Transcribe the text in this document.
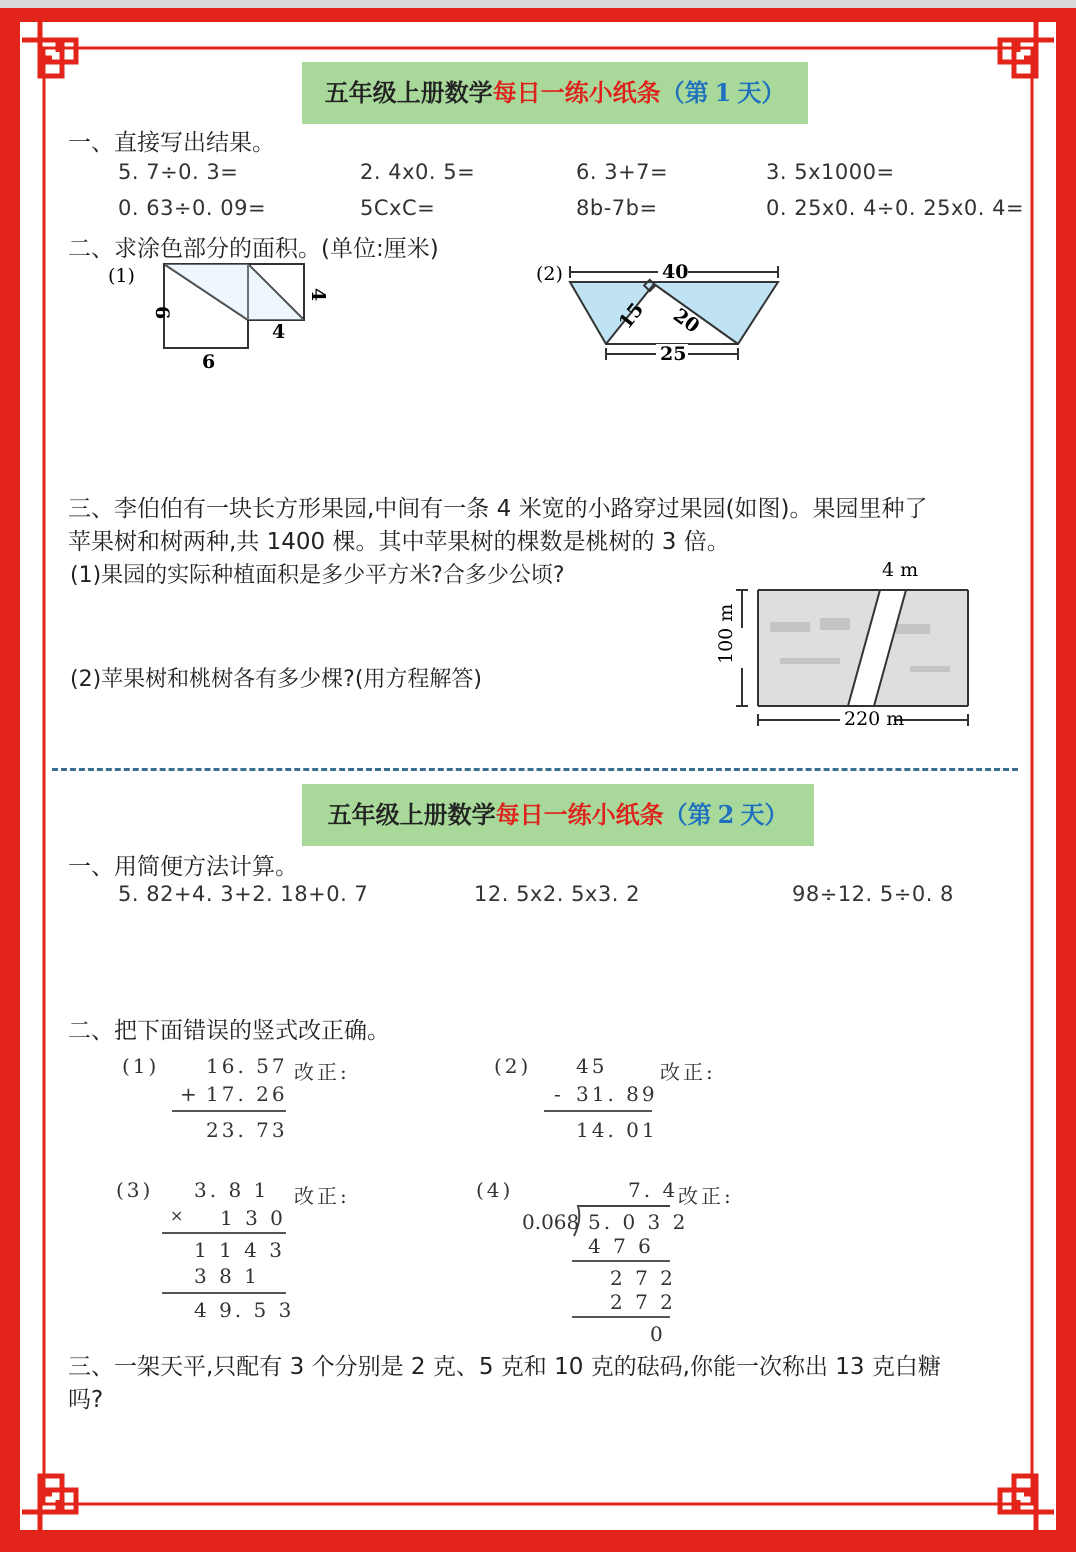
五年级上册数学每日一练小纸条（第 1 天）
一、直接写出结果。
5. 7÷0. 3=	2. 4x0. 5=	6. 3+7=	3. 5x1000=
0. 63÷0. 09=	5CxC=	8b-7b=	0. 25x0. 4÷0. 25x0. 4=
二、求涂色部分的面积。(单位:厘米)
(1)
6
6
4
4
(2)	40
15 20
25
三、李伯伯有一块长方形果园,中间有一条 4 米宽的小路穿过果园(如图)。果园里种了
苹果树和树两种,共 1400 棵。其中苹果树的棵数是桃树的 3 倍。
(1)果园的实际种植面积是多少平方米?合多少公顷?
(2)苹果树和桃树各有多少棵?(用方程解答)
4 m
100 m
220 m
五年级上册数学每日一练小纸条（第 2 天）
一、用简便方法计算。
5. 82+4. 3+2. 18+0. 7	12. 5x2. 5x3. 2	98÷12. 5÷0. 8
二、把下面错误的竖式改正确。
(1) 16. 57
+ 17. 26
23. 73
改正:	(2) 45
- 31. 89
14. 01
改正:
(3) 3. 8 1
× 1 3 0
1 1 4 3
3 8 1
4 9. 5 3
改正:	(4)	7. 4 改正:
0.068 5. 0 3 2
4 7 6
2 7 2
2 7 2
0
三、一架天平,只配有 3 个分别是 2 克、5 克和 10 克的砝码,你能一次称出 13 克白糖
吗?
